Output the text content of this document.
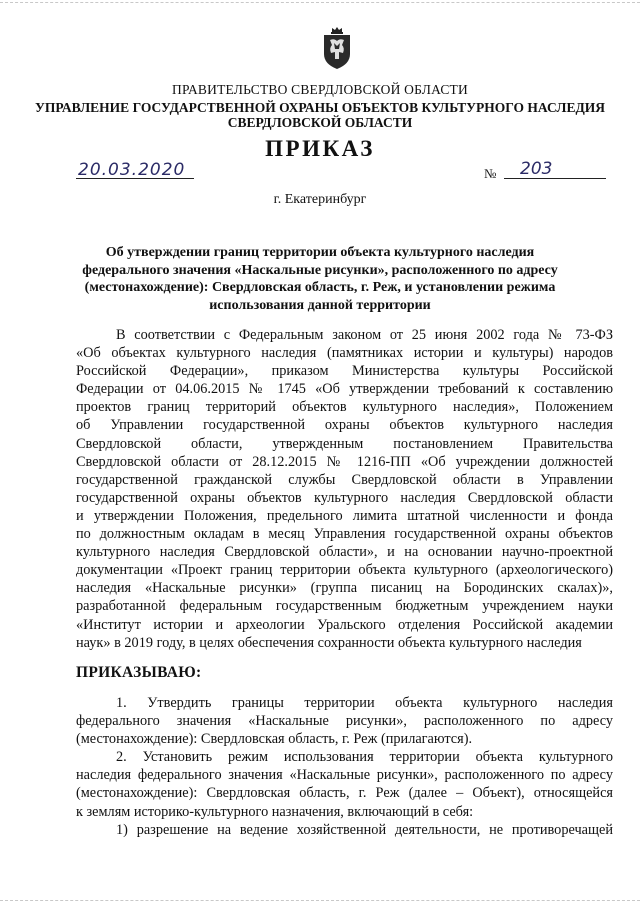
ПРАВИТЕЛЬСТВО СВЕРДЛОВСКОЙ ОБЛАСТИ
УПРАВЛЕНИЕ ГОСУДАРСТВЕННОЙ ОХРАНЫ ОБЪЕКТОВ КУЛЬТУРНОГО НАСЛЕДИЯ
СВЕРДЛОВСКОЙ ОБЛАСТИ
ПРИКАЗ
20.03.2020	№ 203
г. Екатеринбург
Об утверждении границ территории объекта культурного наследия
федерального значения «Наскальные рисунки», расположенного по адресу
(местонахождение): Свердловская область, г. Реж, и установлении режима
использования данной территории

В соответствии с Федеральным законом от 25 июня 2002 года № 73-ФЗ

«Об объектах культурного наследия (памятниках истории и культуры) народов

Российской Федерации», приказом Министерства культуры Российской

Федерации от 04.06.2015 № 1745 «Об утверждении требований к составлению

проектов границ территорий объектов культурного наследия», Положением

об Управлении государственной охраны объектов культурного наследия

Свердловской области, утвержденным постановлением Правительства

Свердловской области от 28.12.2015 № 1216-ПП «Об учреждении должностей

государственной гражданской службы Свердловской области в Управлении

государственной охраны объектов культурного наследия Свердловской области

и утверждении Положения, предельного лимита штатной численности и фонда

по должностным окладам в месяц Управления государственной охраны объектов

культурного наследия Свердловской области», и на основании научно-проектной

документации «Проект границ территории объекта культурного (археологического)

наследия «Наскальные рисунки» (группа писаниц на Бородинских скалах)»,

разработанной федеральным государственным бюджетным учреждением науки

«Институт истории и археологии Уральского отделения Российской академии

наук» в 2019 году, в целях обеспечения сохранности объекта культурного наследия

ПРИКАЗЫВАЮ:

1. Утвердить границы территории объекта культурного наследия

федерального значения «Наскальные рисунки», расположенного по адресу

(местонахождение): Свердловская область, г. Реж (прилагаются).

2. Установить режим использования территории объекта культурного

наследия федерального значения «Наскальные рисунки», расположенного по адресу

(местонахождение): Свердловская область, г. Реж (далее – Объект), относящейся

к землям историко-культурного назначения, включающий в себя:

1) разрешение на ведение хозяйственной деятельности, не противоречащей
